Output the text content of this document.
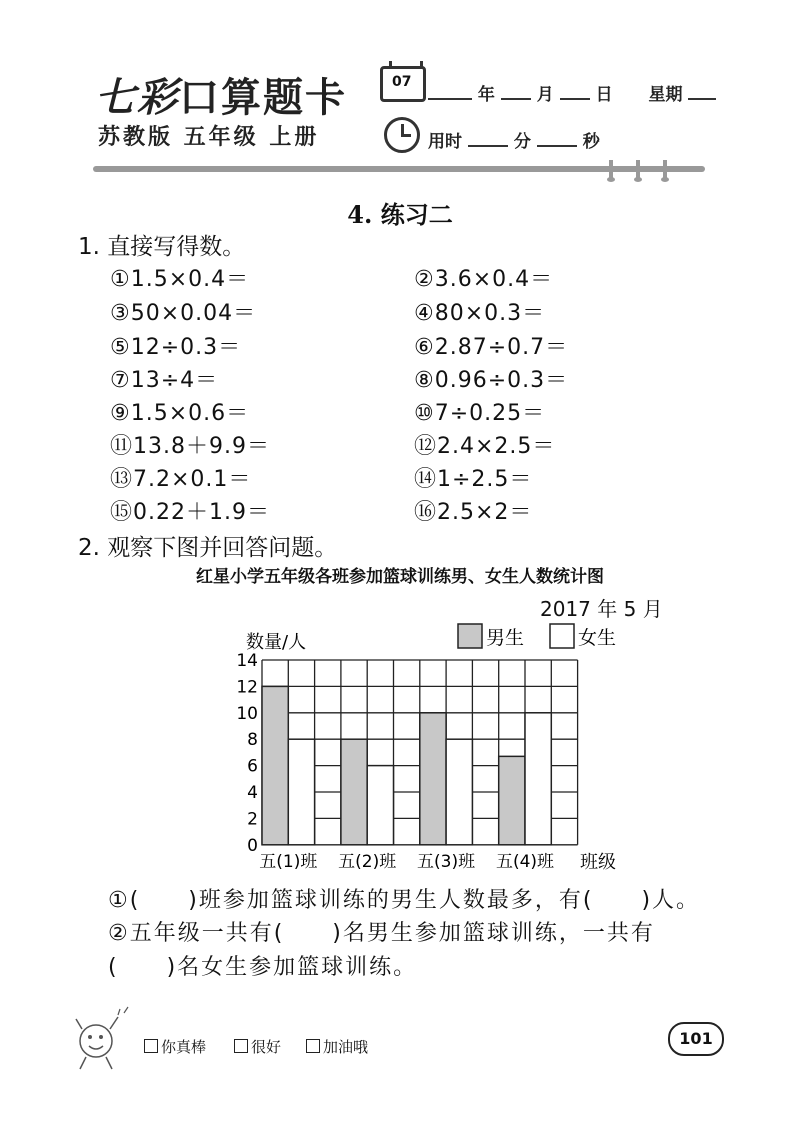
七彩口算题卡
苏教版 五年级 上册
07
年 月 日 星期
用时	分	秒
4. 练习二
1. 直接写得数。
①1.5×0.4＝	②3.6×0.4＝
③50×0.04＝	④80×0.3＝
⑤12÷0.3＝	⑥2.87÷0.7＝
⑦13÷4＝	⑧0.96÷0.3＝
⑨1.5×0.6＝	⑩7÷0.25＝
⑪13.8＋9.9＝	⑫2.4×2.5＝
⑬7.2×0.1＝	⑭1÷2.5＝
⑮0.22＋1.9＝	⑯2.5×2＝
2. 观察下图并回答问题。
红星小学五年级各班参加篮球训练男、女生人数统计图
2017 年 5 月
0
2
4
6
8
10
12
14
五(1)班 五(2)班 五(3)班 五(4)班
数量/人
班级
男生	女生
①(　　)班参加篮球训练的男生人数最多，有(　　)人。
②五年级一共有(　　)名男生参加篮球训练，一共有
(　　)名女生参加篮球训练。
你真棒	很好	加油哦	101
